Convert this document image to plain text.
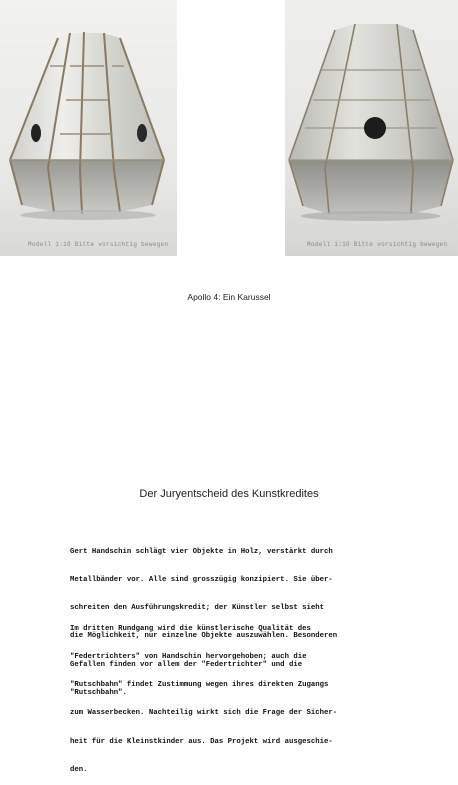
Modell 1:10 Bitte vorsichtig bewegen	Modell 1:10 Bitte vorsichtig bewegen
Apollo 4: Ein Karussel
Der Juryentscheid des Kunstkredites

Gert Handschin schlägt vier Objekte in Holz, verstärkt durch

Metallbänder vor. Alle sind grosszügig konzipiert. Sie über-

schreiten den Ausführungskredit; der Künstler selbst sieht

die Möglichkeit, nur einzelne Objekte auszuwählen. Besonderen

Gefallen finden vor allem der "Federtrichter" und die

"Rutschbahn".

Im dritten Rundgang wird die künstlerische Qualität des

"Federtrichters" von Handschin hervorgehoben; auch die

"Rutschbahn" findet Zustimmung wegen ihres direkten Zugangs

zum Wasserbecken. Nachteilig wirkt sich die Frage der Sicher-

heit für die Kleinstkinder aus. Das Projekt wird ausgeschie-

den.
